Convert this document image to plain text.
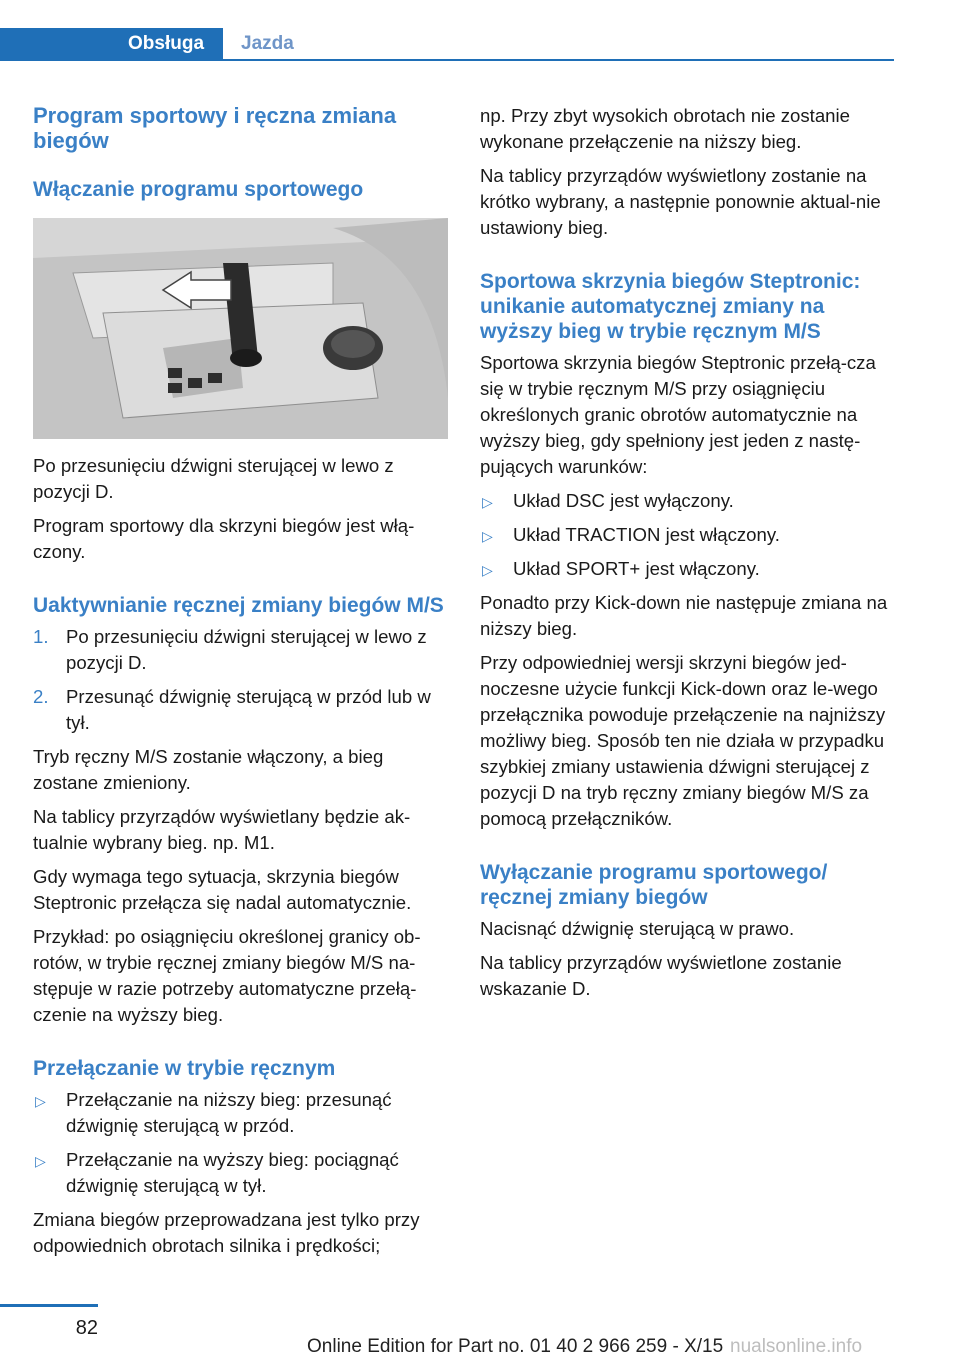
Obsługa	Jazda
Program sportowy i ręczna zmiana biegów
Włączanie programu sportowego

Po przesunięciu dźwigni sterującej w lewo z pozycji D.

Program sportowy dla skrzyni biegów jest włą‐czony.

Uaktywnianie ręcznej zmiany biegów M/S
1. Po przesunięciu dźwigni sterującej w lewo z pozycji D.
2. Przesunąć dźwignię sterującą w przód lub w tył.

Tryb ręczny M/S zostanie włączony, a bieg zostane zmieniony.

Na tablicy przyrządów wyświetlany będzie ak‐tualnie wybrany bieg. np. M1.

Gdy wymaga tego sytuacja, skrzynia biegów Steptronic przełącza się nadal automatycznie.

Przykład: po osiągnięciu określonej granicy ob‐rotów, w trybie ręcznej zmiany biegów M/S na‐stępuje w razie potrzeby automatyczne przełą‐czenie na wyższy bieg.

Przełączanie w trybie ręcznym
▷ Przełączanie na niższy bieg: przesunąć dźwignię sterującą w przód.
▷ Przełączanie na wyższy bieg: pociągnąć dźwignię sterującą w tył.

Zmiana biegów przeprowadzana jest tylko przy odpowiednich obrotach silnika i prędkości;

np. Przy zbyt wysokich obrotach nie zostanie wykonane przełączenie na niższy bieg.

Na tablicy przyrządów wyświetlony zostanie na krótko wybrany, a następnie ponownie aktual‐nie ustawiony bieg.

Sportowa skrzynia biegów Steptronic: unikanie automatycznej zmiany na wyższy bieg w trybie ręcznym M/S

Sportowa skrzynia biegów Steptronic przełą‐cza się w trybie ręcznym M/S przy osiągnięciu określonych granic obrotów automatycznie na wyższy bieg, gdy spełniony jest jeden z nastę‐pujących warunków:

▷ Układ DSC jest wyłączony.
▷ Układ TRACTION jest włączony.
▷ Układ SPORT+ jest włączony.

Ponadto przy Kick-down nie następuje zmiana na niższy bieg.

Przy odpowiedniej wersji skrzyni biegów jed‐noczesne użycie funkcji Kick-down oraz le‐wego przełącznika powoduje przełączenie na najniższy możliwy bieg. Sposób ten nie działa w przypadku szybkiej zmiany ustawienia dźwigni sterującej z pozycji D na tryb ręczny zmiany biegów M/S za pomocą przełączników.

Wyłączanie programu sportowego/ ręcznej zmiany biegów

Nacisnąć dźwignię sterującą w prawo.

Na tablicy przyrządów wyświetlone zostanie wskazanie D.

82
Online Edition for Part no. 01 40 2 966 259 - X/15 nualsonline.info
